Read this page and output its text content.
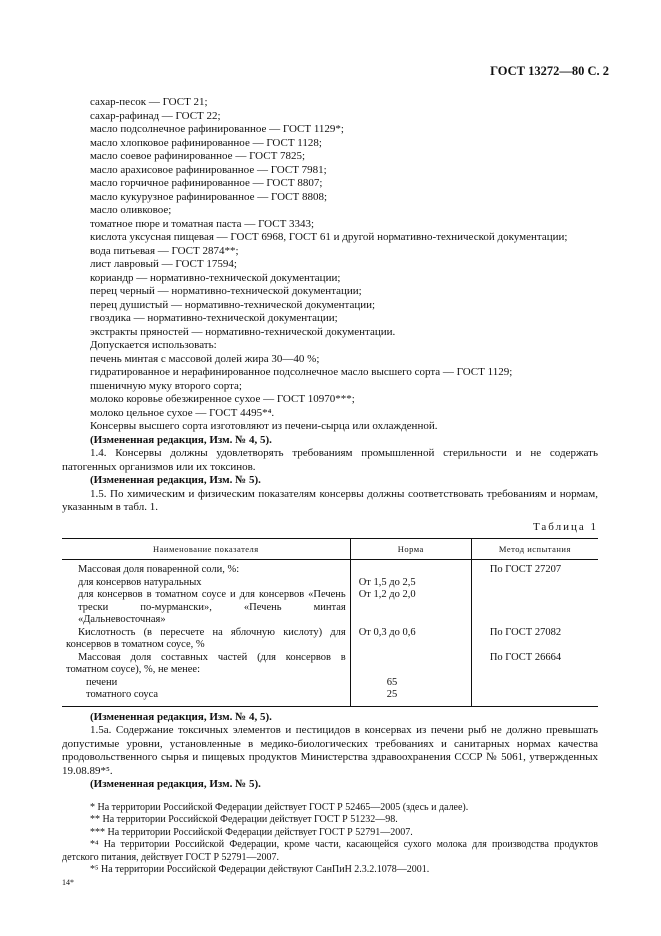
ГОСТ 13272—80 С. 2

сахар-песок — ГОСТ 21;

сахар-рафинад — ГОСТ 22;

масло подсолнечное рафинированное — ГОСТ 1129*;

масло хлопковое рафинированное — ГОСТ 1128;

масло соевое рафинированное — ГОСТ 7825;

масло арахисовое рафинированное — ГОСТ 7981;

масло горчичное рафинированное — ГОСТ 8807;

масло кукурузное рафинированное — ГОСТ 8808;

масло оливковое;

томатное пюре и томатная паста — ГОСТ 3343;

кислота уксусная пищевая — ГОСТ 6968, ГОСТ 61 и другой нормативно-технической документации;

вода питьевая — ГОСТ 2874**;

лист лавровый — ГОСТ 17594;

кориандр — нормативно-технической документации;

перец черный — нормативно-технической документации;

перец душистый — нормативно-технической документации;

гвоздика — нормативно-технической документации;

экстракты пряностей — нормативно-технической документации.

Допускается использовать:

печень минтая с массовой долей жира 30—40 %;

гидратированное и нерафинированное подсолнечное масло высшего сорта — ГОСТ 1129;

пшеничную муку второго сорта;

молоко коровье обезжиренное сухое — ГОСТ 10970***;

молоко цельное сухое — ГОСТ 4495*⁴.

Консервы высшего сорта изготовляют из печени-сырца или охлажденной.

(Измененная редакция, Изм. № 4, 5).

1.4. Консервы должны удовлетворять требованиям промышленной стерильности и не содержать патогенных организмов или их токсинов.

(Измененная редакция, Изм. № 5).

1.5. По химическим и физическим показателям консервы должны соответствовать требованиям и нормам, указанным в табл. 1.

Таблица 1
Наименование показателя	Норма	Метод испытания
Массовая доля поваренной соли, %:		По ГОСТ 27207
для консервов натуральных	От 1,5 до 2,5	
для консервов в томатном соусе и для консервов «Печень трески по-мурмански», «Печень минтая «Дальневосточная»	От 1,2 до 2,0	
Кислотность (в пересчете на яблочную кислоту) для консервов в томатном соусе, %	От 0,3 до 0,6	По ГОСТ 27082
Массовая доля составных частей (для консервов в томатном соусе), %, не менее:		По ГОСТ 26664
печени	65	
томатного соуса	25	

(Измененная редакция, Изм. № 4, 5).

1.5а. Содержание токсичных элементов и пестицидов в консервах из печени рыб не должно превышать допустимые уровни, установленные в медико-биологических требованиях и санитарных нормах качества продовольственного сырья и пищевых продуктов Министерства здравоохранения СССР № 5061, утвержденных 19.08.89*⁵.

(Измененная редакция, Изм. № 5).

* На территории Российской Федерации действует ГОСТ Р 52465—2005 (здесь и далее).

** На территории Российской Федерации действует ГОСТ Р 51232—98.

*** На территории Российской Федерации действует ГОСТ Р 52791—2007.

*⁴ На территории Российской Федерации, кроме части, касающейся сухого молока для производства продуктов детского питания, действует ГОСТ Р 52791—2007.

*⁵ На территории Российской Федерации действуют СанПиН 2.3.2.1078—2001.

14*
